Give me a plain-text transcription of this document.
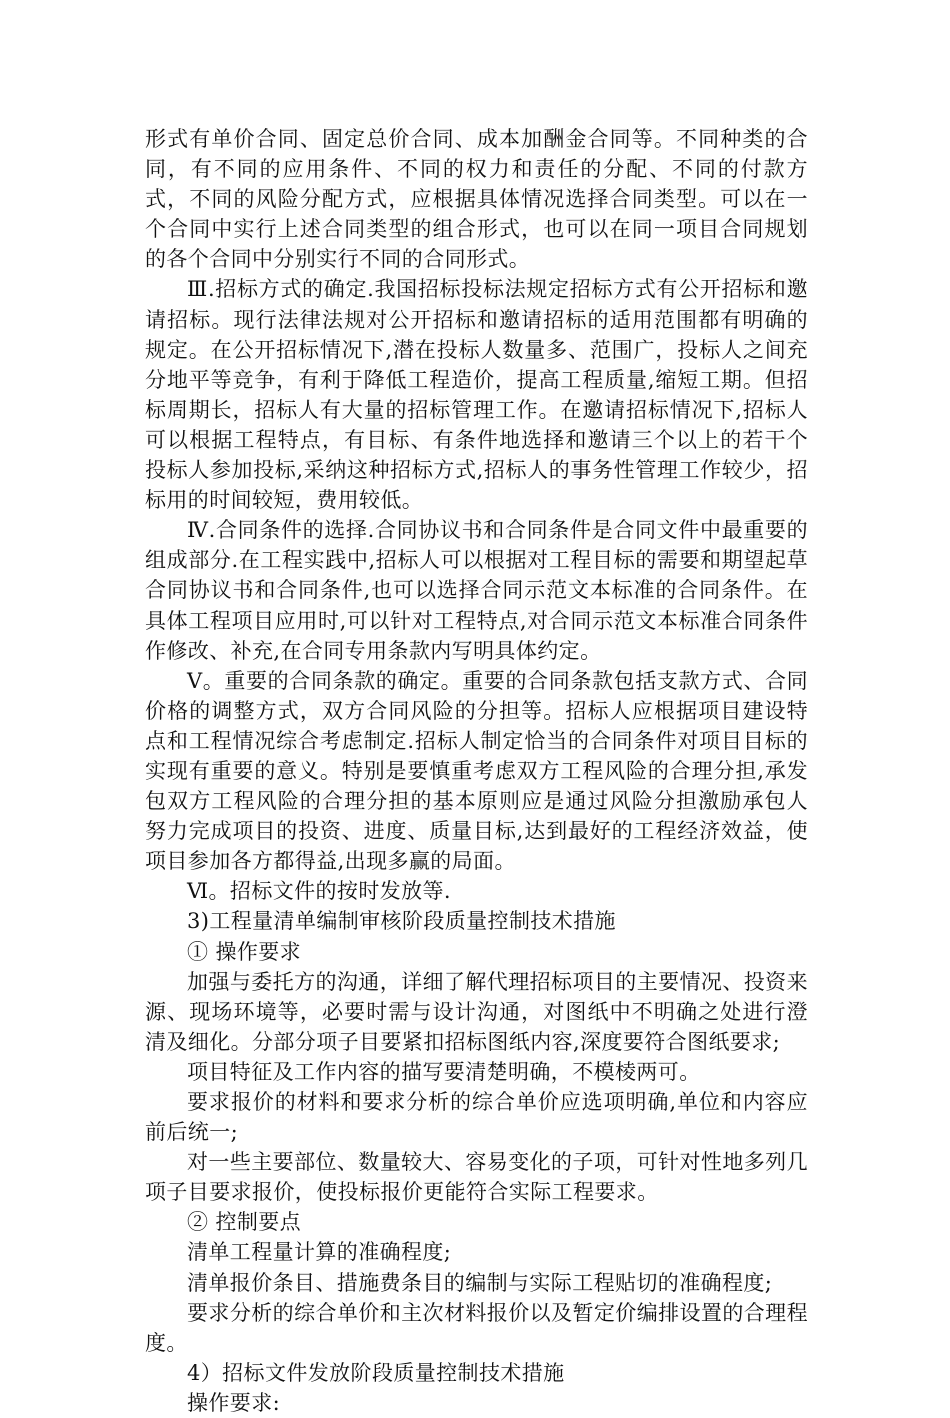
形式有单价合同、固定总价合同、成本加酬金合同等。不同种类的合同，有不同的应用条件、不同的权力和责任的分配、不同的付款方式，不同的风险分配方式，应根据具体情况选择合同类型。可以在一个合同中实行上述合同类型的组合形式，也可以在同一项目合同规划的各个合同中分别实行不同的合同形式。

Ⅲ.招标方式的确定.我国招标投标法规定招标方式有公开招标和邀请招标。现行法律法规对公开招标和邀请招标的适用范围都有明确的规定。在公开招标情况下,潜在投标人数量多、范围广，投标人之间充分地平等竞争，有利于降低工程造价，提高工程质量,缩短工期。但招标周期长，招标人有大量的招标管理工作。在邀请招标情况下,招标人可以根据工程特点，有目标、有条件地选择和邀请三个以上的若干个投标人参加投标,采纳这种招标方式,招标人的事务性管理工作较少，招标用的时间较短，费用较低。

Ⅳ.合同条件的选择.合同协议书和合同条件是合同文件中最重要的组成部分.在工程实践中,招标人可以根据对工程目标的需要和期望起草合同协议书和合同条件,也可以选择合同示范文本标准的合同条件。在具体工程项目应用时,可以针对工程特点,对合同示范文本标准合同条件作修改、补充,在合同专用条款内写明具体约定。

Ⅴ。重要的合同条款的确定。重要的合同条款包括支款方式、合同价格的调整方式，双方合同风险的分担等。招标人应根据项目建设特点和工程情况综合考虑制定.招标人制定恰当的合同条件对项目目标的实现有重要的意义。特别是要慎重考虑双方工程风险的合理分担,承发包双方工程风险的合理分担的基本原则应是通过风险分担激励承包人努力完成项目的投资、进度、质量目标,达到最好的工程经济效益，使项目参加各方都得益,出现多赢的局面。

Ⅵ。招标文件的按时发放等.

3)工程量清单编制审核阶段质量控制技术措施

① 操作要求

加强与委托方的沟通，详细了解代理招标项目的主要情况、投资来源、现场环境等，必要时需与设计沟通，对图纸中不明确之处进行澄清及细化。分部分项子目要紧扣招标图纸内容,深度要符合图纸要求;

项目特征及工作内容的描写要清楚明确，不模棱两可。

要求报价的材料和要求分析的综合单价应选项明确,单位和内容应前后统一;

对一些主要部位、数量较大、容易变化的子项，可针对性地多列几项子目要求报价，使投标报价更能符合实际工程要求。

② 控制要点

清单工程量计算的准确程度;

清单报价条目、措施费条目的编制与实际工程贴切的准确程度;

要求分析的综合单价和主次材料报价以及暂定价编排设置的合理程度。

4）招标文件发放阶段质量控制技术措施

操作要求:
